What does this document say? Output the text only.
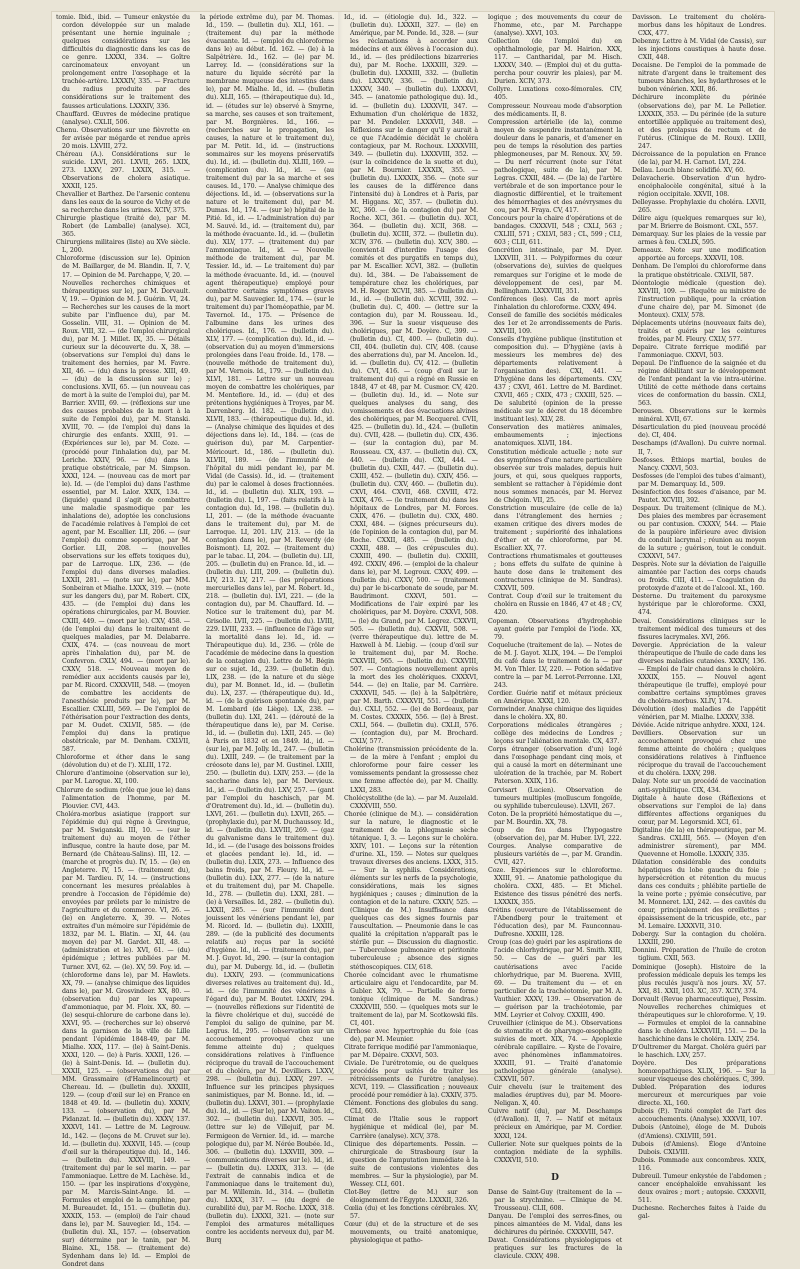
tomie. Ibid., ibid. — Tumeur enkystée du cordon développée sur un malade présentant une hernie inguinale ; quelques considérations sur les difficultés du diagnostic dans les cas de ce genre. LXXXI, 334. — Goître carcinomateux envoyant un prolongement entre l'œsophage et la trachée-artère. LXXXIV, 335. — Fracture du radius produite par des considérations sur le traitement des fausses articulations. LXXXIV, 336.

Chauffard. Œuvres de médecine pratique (analyse). CXLII, 506.

Chenu. Observations sur une fièvrette en fer avisée par mégarde et rendue après 20 mois. LXVIII, 272.

Chéreau (A.). Considérations sur le suicide. LXVI, 261. LXVII, 265. LXIX, 273. LXXV, 297. LXXIX, 315. — Observations de cholera asiatique. XXXII, 125.

Chevallier et Barthez. De l'arsenic contenu dans les eaux de la source de Vichy et de sa recherche dans les urines. XCIV, 375.

Chirurgie plastique (traité de), par M. Robert (de Lamballe) (analyse). XCI, 365.

Chirurgiens militaires (liste) au XVe siècle. L, 200.

Chloroforme (discussion sur le). Opinion de M. Baillarger, de M. Blandin. II, 7. V, 17. — Opinion de M. Parchappe, V, 20. — Nouvelles recherches chimiques et thérapeutiques sur le), par M. Dorvault. V, 19. — Opinion de M. J. Guérin. VI, 24. — Recherches sur les causes de la mort subite par l'influence du), par M. Gosselin. VIII, 31. — Opinion de M. Roux. VIII, 32. — (de l'emploi chirurgical du), par M. J. Millet. IX, 35. — Détails curieux sur la découverte du. X, 38. — (observations sur l'emploi du) dans le traitement des hernies, par M. Favre. XII, 46. — (du) dans la presse. XIII, 49. — (du) de la discussion sur le) ; conclusions. XVII, 65. — (un nouveau cas de mort à la suite de l'emploi du), par M. Barrier. XVIII, 69. — (réflexions sur une des causes probables de la mort à la suite de l'emploi du), par M. Stanski. XVIII, 70. — (de l'emploi du) dans la chirurgie des enfants. XXIII, 91. — (Expériences sur le), par M. Coze. — (procédé pour l'inhalation du), par M. Leriche. XXIV, 96. — (du) dans la pratique obstétricale, par M. Simpson. XXXI, 124. — (nouveau cas de mort par le). Id. — (de l'emploi du) dans l'asthme essentiel, par M. Lalor. XXIX, 134. — (liquide) quand il s'agit de combattre une maladie spasmodique par les inhalations de), adoptée les conclusions de l'académie relatives à l'emploi de cet agent, par M. Escallier. LII, 206. — (sur l'emploi) du comme soporique, par M. Gorlier. LII, 208. — (nouvelles observations sur les effets toxiques du), par de Larroque. LIX, 236. — (de l'emploi du) dans diverses maladies. LXXII, 281. — (note sur le), par MM. Sonbeiran et Mialhe. LXXX, 319. — (note sur les dangers du), par M. Robert. CIX, 435. — (de l'emploi du) dans les opérations chirurgicales, par M. Bouvier. CXIII, 449. — (mort par le). CXV, 458. — (de l'emploi du) dans le traitement de quelques maladies, par M. Delabarre. CXIX, 474. — (cas nouveau de mort après l'inhalation du), par M. de Confevron. CXLV, 494. — (mort par le). CXXV, 518. — Nouveau moyen de remédier aux accidents causés par le), par M. Ricord. CXXXVIII, 548. — (moyen de combattre les accidents de l'anesthésie produits par le), par M. Escallier. CXLIII, 569. — De l'emploi de l'éthérisation pour l'extraction des dents, par M. Oudet. CXLVII, 585. — (de l'emploi du) dans la pratique obstétricale, par M. Denham. CXLVII, 587.

Chloroforme et éther dans le sang (dévolution du) et de l'). XLIII, 172.

Chlorure d'antimoine (observation sur le), par M. Larogue. XI, 100.

Chlorure de sodium (rôle que joue le) dans l'alimentation de l'homme, par M. Plouvier. CVI, 443.

Choléra-morbus asiatique (rapport sur l'épidémie du) qui règne à Grevingue, par M. Swiganski. III, 10. — (sur le traitement du) au moyen de l'éther influsque, contre la haute dose, par M. Bernard (de Château-Salins). III, 12. — (marche et progrès du). IV, 15. — (le) en Angleterre. IV, 15. — (traitement du), par M. Tardieu. IV, 14. — (instructions concernant les mesures préalables à prendre à l'occasion de l'épidémie de) envoyées par prélets par le ministre de l'agriculture et du commerce. VI, 26. — (le) en Angleterre. X, 39. — Notes extraites d'un mémoire sur l'épidémie de 1832, par M. L. Blatin. — XI, 44. (au moyen de) par M. Gardet. XII, 48. — (administration et le). XVI, 61. — (du) épidémique ; lettres publiées par M. Turner. XVI, 62. — (le). XV, 59. Foy. id. — (chloroforme dans le), par M. Hawlets. XX, 79. — (analyse chimique des liquides dans le), par M. Grosvindeer. XX, 80. — (observation du) par les vapeurs d'ammoniaque, par M. Floix. XX, 80. — (le) sesqui-chlorure de carbone dans le). XXVI, 95. — (recherches sur le) observé dans la garnison de la ville de Lille pendant l'épidémie 1848-49, par M. Mialhe. XXX, 117. — (le) à Saint-Denis. XXXI, 120. — (le) à Paris. XXXII, 126. — (le) à Saint-Denis. Id. — (bulletin du). XXXII, 125. — (observations du) par MM. Grassmaire (d'Hamelincourt) et Chereau. Id. — (bulletin du). XXXIII, 129. — (coup d'œil sur le) en France en 1848 et 49. Id. — (bulletin du). XXXIV, 133. — (observation du), par M. Pidanzat. Id. — (bulletin du). XXXV, 137. XXXVI, 141. — Lettre de M. Legrouw. Id., 142. — (leçons de M. Cruvet sur le). Id. — (bulletin du). XXXVII, 145. — (coup d'œil sur la thérapeutique du). Id., 146. — (bulletin du). XXXVIII, 149. — (traitement du) par le sel marin. — par l'ammoniaque. Lettre de M. Lachèse. Id., 150. — (par les inspirations d'oxygène, par M. Marcis-Saint-Ange. Id. — Formules et emploi de la camphine, par M. Bureaudet. Id., 151. — (bulletin du). XXXIX, 153. — (emploi) de l'air chaud dans le), par M. Sauvegier. Id., 154. — (bulletin du). XL, 157. — (observation sur) détermine par le tanin, par M. Blaine. XL, 158. — (traitement de) Sydenham dans le) Id. — Emploi de Gondret dans

la période extrême du), par M. Thomas. Id., 159. — (bulletin du). XLI, 161. — (traitement du) par la méthode évacuante. Id. — (emploi du chloroforme dans le) au début. Id. 162. — (le) à la Salpêtrière. Id., 162. — (le) par M. Larrey. Id. — (considérations sur la nature du liquide sécrété par la membrane muqueuse des intestins dans le), par M. Mialhe. Id., id. — (bulletin du). XLII, 165. — (thérapeutique du). Id., id. — (études sur le) observé à Smyrne, sa marche, ses causes et son traitement, par M. Borgnières. Id., 166. — (recherches sur le propagation, les causes, la nature et le traitement du), par M. Petit. Id., id. — (instructions sommaires sur les moyens préservatifs du). Id., id. — (bulletin du). XLIII, 169. — (complication du). Id., id. — (au traitement du) par la sa marche et ses causes. Id., 170. — Analyse chimique des déjections. Id., id. — (observations sur la nature et le traitement du), par M. Dumas. Id., 174. — (sur le) hôpital de la Pitié. Id., id. — L'administration du) par M. Sauvé. Id., id. — (traitement du), par la méthode évacuante. Id., id. — (bulletin du). XLV, 177. — (traitement du) par l'ammoniaque. Id., id. — Nouvelle méthode de traitement du), par M. Tessier. Id., id. — Le traitement du) par la méthode évacuante. Id., id. — (nouvel agent thérapeutique) employé pour combattre certains symptômes graves du), par M. Sauvegier. Id., 174. — (sur le traitement du) par l'homéopathie, par M. Tavernol. Id., 175. — Présence de l'albumine dans les urines des cholériques. Id., 176. — (bulletin du). XLV, 177. — (complication du). Id., id. — (observation du) au moyen d'immersions prolongées dans l'eau froide. Id., 178. — (nouvelle méthode de traitement du), par M. Vernois. Id., 179. — (bulletin du). XLVI, 181. — Lettre sur un nouveau moyen de combattre les cholériques, par M. Mentefiore. Id., id. — (du) et des prétentions hygiéniques à Troyes, par M. Darrenberg. Id. 182. — (bulletin du). XLVII, 183. — (thérapeutique du). Id., id. — (Analyse chimique des liquides et des déjections dans le). Id., 184. — (cas de guérison du), par M. Carpentier-Méricourt. Id., 186. — (bulletin du). XLVIII, 189. — (de l'immunité de l'hôpital du midi pendant le), par M. Vidal (de Cassis). Id., id. — (traitement du) par le calomel à doses fractionnées. Id., id. — (bulletin du). XLIX, 193. — (bulletin du). L, 197. — (faits relatifs à la contagion du). Id., 198. — (bulletin du). LI, 201. — (de la méthode évacuante dans le traitement du), par M. de Larroque. LI, 201. LIV, 213. — (de la contagion dans le), par M. Reverdy (de Boismont). LI, 202. — (traitement du) par le tabac. LI, 204. — (bulletin du). LII, 205. — (bulletin du) en France. Id., id. — (bulletin du). LIII, 209. — (bulletin du). LIV, 213. LV, 217. — (les préparations mercurielles dans le), par M. Robert. Id., 218. — (bulletin du). LVI, 221. — (de la contagion du), par M. Chauffard. Id. — Notice sur le traitement du), par M. Grisolle. LVII, 225. — (bulletin du). LVIII, 229. LVIII, 233. — (influence de l'âge sur la mortalité dans le). Id., id. — Thérapeutique du). Id., 236. — (rôle de l'académie de médecine dans la question de la contagion du). Lettre de M. Bégin sur ce sujet. Id., 239. — (bulletin du). LIX, 238. — (de la nature et du siège du), par M. Bonnet. Id., id. — (bulletin du). LX, 237. — (thérapeutique du). Id., id. — (de la guérison spontanée du), par M. Lombard (de Liège). LX, 238. — (bulletin du). LXI, 241. — (dérouté de la thérapeutique dans le), par M. Cerise. Id., id. — (bulletin du). LXII, 245. — (le) à Paris en 1832 et en 1849. Id., id. — (sur le), par M. Jolly. Id., 247. — (bulletin du). LXIII, 249. — (le traitement par la créosote dans le), par M. Gustinel. LXIII, 250. — (bulletin du). LXIV, 253. — (de la saccharine dans le), par M. Dervieux. Id., id. — (bulletin du). LXV, 257. — (gant par l'emploi du haschisch, par M. d'Oratrement du). Id., id. — (bulletin du). LXVI, 261. — (bulletin du). LXVII, 265. — (prophylaxie du), par M. Duchaussoy. Id., id. — (bulletin du). LXVIII, 269. — (gaz du galvanisme dans le traitement du). Id., id. — (de l'usage des boissons froides et glacées pendant le). Id., id. — (bulletin du). LXIX, 273. — Influence des bains froids, par M. Fleury. Id., id. — (bulletin du). LXX, 277. — (de la nature et du traitement du), par M. Chapelle. Id., 278. — (bulletin du). LXXI, 281. — (le) à Versailles. Id., 282. — (bulletin du). LXXII, 285. — (sur l'immunité dont jouissent les vénériens pendant le), par M. Ricord. Id. — (bulletin du). LXXIII, 289. — (de la publicité des documents relatifs au) reçus par la société d'hygiène. Id., id. — (traitement du), par M. J. Guyot. Id., 290. — (sur la contagion du), par M. Dubergy. Id., id. — (bulletin du). LXXIV, 293. — (communications diverses relatives au traitement du). Id., id. — (de l'immunité des vénériens à l'égard du), par M. Boutet. LXXIV, 294. — (nouvelles réflexions sur l'identité de la fièvre cholérique et du), succédé de l'emploi du saligo de quinine, par M. Legrus. Id., 295. — (observation sur un accouchement provoqué chez une femme atteinte du) ; quelques considérations relatives à l'influence réciproque du travail de l'accouchement et du choléra, par M. Devilliers. LXXV, 298. — (bulletin du). LXXV, 297. — Influence sur les principes physiques sanimistiques, par M. Bonne. Id., id. — (bulletin du). LXXVI, 301. — (prophylaxie du). Id., id. — (Sur le), par M. Vaiton. Id., 302. — (bulletin du). LXXVII, 305. — (lettre sur le) de Villejuif, par M. Fermigeon de Vernier. Id., id. — marche pologique du), par M. Nérée Boubée. Id., 306. — (bulletin du). LXXVIII, 309. — (communications diverses sur le). Id., id. — (bulletin du). LXXIX, 313. — (de l'extrait de cannabis indica et de l'ammoniaque dans le traitement du), par M. Willemin. Id., 314. — (bulletin du). LXXX, 317. — (du degré de curabilité du), par M. Roche. LXXX, 318. (bulletin du). LXXXI, 321. — (note sur l'emploi des armatures métalliques contre les accidents nerveux du), par M. Burq

Id., id. — (étiologie du). Id., 322. — (bulletin du). LXXXII, 327. — (le) en Amérique, par M. Ponde. Id., 328. — (sur les réclamations à accorder aux médecins et aux élèves à l'occasion du). Id., id. — (les prédilections bizarreries du), par M. Roche. LXXXIII, 329. — (bulletin du). LXXXIII, 332. — (bulletin du). LXXXIV, 336. — (bulletin du). LXXXV, 340. — (bulletin du). LXXXVI, 345. — (anatomie pathologique du). Id., id. — (bulletin du). LXXXVII, 347. — Exhumation d'un cholérique de 1832, par M. Pendeler. LXXXVII, 348. — Réflexions sur le danger qu'il y aurait à ce que l'Académie décidât le choléra contagieux, par M. Rochoux. LXXXVIII, 349. — (bulletin du). LXXXVIII, 352. — (sur la coïncidence de la suette et du), par M. Bournier. LXXXIX, 355. — (bulletin du). LXXXIX, 356. — (note sur les causes de la différence dans l'intensité du) à Londres et à Paris, par M. Higgans. XC, 357. — (bulletin du). XC, 360. — (de la contagion du) par M. Roche. XCI, 361. — (bulletin du). XCI, 364. — (bulletin du). XCII, 368. — (bulletin du). XCIII, 372. — (bulletin du). XCIV, 376. — (bulletin du). XCV, 380. — (convient-il d'interdire l'usage des comités et des purgatifs en temps du), par M. Escallier. XCVI, 382. — (bulletin du). Id., 384. — De l'abaissement de température chez les cholériques, par M. H. Roger. XCVII, 385. — (bulletin du). Id., id. — (bulletin du). XCVIII, 392. — (bulletin du). C, 400. — (lettre sur la contagion du), par M. Rousseau. Id., 396. — Sur la sueur visqueuse des cholériques, par M. Doyère. C, 399. — (bulletin du). CI, 400. — (bulletin du). CII, 404. (bulletin du). CIV, 408. (cause des aberrations du), par M. Ancelon. Id., id. — (bulletin du). CV, 412. — (bulletin du). CVI, 416. — (coup d'œil sur le traitement du) qui a régné en Russie en 1848, 47 et 48, par M. Cusmor. CV, 420. — (bulletin du). Id., id. — Note sur quelques analyses du sang, des vomissements et des évacuations alvines des cholériques, par M. Becquerel. CVII, 425. — (bulletin du). Id., 424. — (bulletin du). CVII, 428. — (bulletin du). CIX, 436. — (sur la contagion du), par M. Rousseau. CX, 437. — (bulletin du). CX, 440. — (bulletin du). CXI, 444. — (bulletin du). CXII, 447. — (bulletin du). CXIII, 452. — (bulletin du). CXIV, 456. — (bulletin du). CXV, 460. — (bulletin du). CXVI, 464. CXVII, 468. CXVIII, 472. CXIX, 476. — (le traitement du) dans les hôpitaux de Londres, par M. Forces. CXIX, 476. — (bulletin du). CXX, 480. CXXI, 484. — (signes précurseurs du). (de l'opinion de la contagion du), par M. Roche. CXXII, 485. — (bulletin du). CXXII, 488. — (les crépuscules du). CXXIII, 490. — (bulletin du). CXXIII, 492. CXXIV, 496. — (emploi de la chaleur dans le), par M. Legroux. CXXV, 499. — (bulletin du). CXXV, 500. — (traitement du) par le bi-carbonate de soude, par M. Baudrimont. CXXVI, 501. — Modifications de l'air expiré par les cholériques, par M. Doyère. CXXVI, 508. — (le) du Grand, par M. Legrez. CXXVII, 505. — (bulletin du). CXXVII, 508. — (verre thérapeutique du). lettre de M. Haxwell à M. Liebig. — (coup d'œil sur le traitement du), par M. Roche. CXXVIII, 565. — (bulletin du). CXXVIII, 507. — Contagions nouvellement après la mort des les cholériques. CXXXVI, 544. — (le) en Italie, par M. Carrière. CXXXVII, 545. — (le) à la Salpêtrière, par M. Barth. CXXXVII, 551. — (bulletin du). CXLI, 552. — (le) de Bordeaux, par M. Costes. CXXXIX, 556. — (le) à Brest. CXLI, 564. — (bulletin du). CXLII, 576. — (contagion du), par M. Brochard. CXLV, 577.

Cholérine (transmission précédente de la. — de la mère à l'enfant ; emploi du chloroforme pour faire cesser les vomissements pendant la grossesse chez une femme affectée de), par M. Chailly. LXXI, 283.

Cholécystolithe (de la). — par M. Auzelald. CXXXVIII, 550.

Chorée (clinique de M.). — considération sur la nature, le diagnostic et le traitement de la phlegmasie sèche tétanique. I, 3. — Leçons sur le choléra. XXIV, 101. — Leçons sur la rétention d'urine. XL, 159. — Notes sur quelques travaux diverses des anciens. LXXX, 315. — Sur la syphilis. Considérations, éléments sur les nerfs de la psychologie, considérations, mais les signes hygiéniques ; causes ; diminution de la contagion et de la nature. CXXIV, 525. — (Clinique de M.) Insuffisance dans quelques cas des signes fournis par l'auscultation. — Pneumonie dans le cas qualité la crépitation n'apparaît pas le stérile pur. — Discussion du diagnostic. — Tuberculose pulmonaire et péritonite tuberculeuse ; absence des signes stéthoscopiques. CLV, 618.

Chorée coïncidant avec le rhumatisme articulaire aigu et l'endocardite, par M. Gubler. XX, 79. — Partielle de forme tonique (climique de M. Sandras.) CXXXVIII, 550. — (quelques mots sur le traitement de la), par M. Scotkowski fils. CI, 401.

Cirrhose avec hypertrophie du foie (cas de), par M. Meunier.

Citrate ferrique modifié par l'ammoniaque, par M. Dépaire. CXXVI, 503.

Civiale. De l'urétrotomie, ou de quelques procédés pour usités de traiter les rétrécissements de l'urètre (analyse). XCVI, 119. — Classification ; nouveaux procédé pour remédier à la). CXXIV, 375.

Clément. Fonctions des globules du sang. CLI, 603.

Climat de l'Italie sous le rapport hygiénique et médical (le), par M. Carrière (analyse). XCV, 378.

Clinique des départements. Pessin. — chirurgicale de Strasbourg (sur la question de l'amputation immédiate à la suite de contusions violentes des membres. — Sur la physiologie), par M. Wessey. CLI, 601.

Clot-Bey (lettre de M.) sur son éloignement de l'Égypte. LXXXII, 326.

Cœlia (du) et les fonctions cérébrales. XV, 57.

Cœur (du) et de la structure et de ses mouvements, ou traité anatomique, physiologique et patho-

logique ; des mouvements du cœur de l'homme, etc., par M. Parchappe (analyse). XXVI, 103.

Collection (de l'emploi du) en ophthalmologie, par M. Hairion. XXX, 117. — Cantharidal, par M. Hisch. LXXXV, 340. — (Emploi du) et du gutta-percha pour couvrir les plaies), par M. Durien. XCIV, 373.

Collyre. Luxations coxo-fémorales. CIV, 405.

Compresseur. Nouveau mode d'absorption des médicaments. II, 8.

Compression artérielle (de la), comme moyen de suspendre instantanément la douleur dans le panaris, et d'amener en peu de temps la résolution des parties phlegmoneuses, par M. Renoux. XV, 59. — Du nerf récurrent (note sur l'état pathologique, suite de la), par M. Legras. CXXII, 484. — (De la) de l'artère vertébrale et de son importance pour le diagnostic différentiel, et le traitement des hémorrhagies et des anévrysmes du cou, par M. Fraya. CV, 417.

Concours pour la chaire d'opérations et de bandages. CXXXVII, 548 ; CXLI, 563 ; CXLIII, 571 ; CXLVI, 583 ; CL, 599 ; CLI, 603 ; CLII, 611.

Concrétion intestinale, par M. Dyer. LXXVIII, 311. — Polypiformes du cœur (observations de), suivies de quelques remarques sur l'origine et le mode de développement de ces), par M. Bellingham. LXXXVIII, 351.

Conférences (les). Cas de mort après l'inhalation du chloroforme. CXXV, 494.

Conseil de famille des sociétés médicales des 1er et 2e arrondissements de Paris. XXVIII, 109.

Conseils d'hygiène publique (institution et composition du). — D'hygiène (avis à messieurs les membres de) des départements relativement à l'organisation des). CXI, 441. — D'hygiène dans les départements. CXV, 437 ; CXVI, 461. Lettre de M. Bardinet. CXVII, 465 ; CXIX, 473 ; CXXIII, 525. — De salubrité (opinion de la presse médicale sur le décret du 18 décembre instituant les). XLV, 28.

Conservation des matières animales, embaumements ; injections anatomiques. XLVII, 184.

Constitution médicale actuelle ; note sur des symptômes d'une nature particulière observée sur trois malades, depuis huit jours, et qui, sous quelques rapports, semblent se rattacher à l'épidémie dont nous sommes menacés, par M. Hervez de Chégoin. VII, 25.

Constriction musculaire (de celle de la) dans l'étranglement des hernies ; examen critique des divers modes de traitement ; supériorité des inhalations d'éther et de chloroforme, par M. Escallier. XX, 77.

Contractions rhumatismales et goutteuses ; bons effets du sulfate de quinine à haute dose dans le traitement des contractures (clinique de M. Sandras). CXXVII, 509.

Contrat. Coup d'œil sur le traitement du choléra en Russie en 1846, 47 et 48 ; CV, 420.

Copeman. Observations d'hydrophobie ayant guérie par l'emploi de l'iode. XX, 79.

Coqueluche (traitement de la). — Notes de de M. J. Gayot. XLIX, 194. — De l'emploi du café dans le traitement de la — par M. Von Thler. LV, 220. — Potion sédative contre la — par M. Lerrot-Perronne. LXI, 243.

Cordier. Guérie natif et métaux précieux en Amérique. XXXI, 120.

Cornwinder. Analyse chimique des liquides dans le choléra. XX, 80.

Corporations médicales étrangères ; collège des médecins de Londres ; leçons sur l'aliénation mentale. CX, 437.

Corps étranger (observation d'un) logé dans l'œsophage pendant cinq mois, et qui a causé la mort en déterminant une ulcération de la trachée, par M. Robert Paterson. XXIX, 116.

Corvisart (Lucien). Observation de tumeurs multiples (molluscum fongoïde, ou syphilide tuberculeuse). LXVII, 267.

Coton. De la propriété hémostatique du —, par M. Bourdin. XX, 78.

Coup de feu dans l'hypogastre (observation de), par M. Huber. LVI, 222.

Courges. Analyse comparative de plusieurs variétés de —, par M. Grandin. CVII, 427.

Coze. Expériences sur le chloroforme. XXIII, 91. — Anatomie pathologique du choléra. CXXI, 485. — Et Michel. Existence des tissus pénétré des nerfs. LXXXIX, 355.

Crétins (ouverture de l'établissement de l'Abendberg pour le traitement et l'éducation des), par M. Faunconnau-Dufresne. XXXIII, 128.

Croup (cas de) guéri par les aspirations de l'acide chlorhydrique, par M. Smith. XIII, 50. — Cas de — guéri par les cautérisations avec l'acide chlorhydrique, par M. Buerena. XVIII, 69. — Du traitement du — et en particulier de la trachéotomie, par M. A. Vauthier. XXXV, 139. — Observation de — guérison par la trachéotomie, par MM. Leyrier et Colvoy. CXXIII, 490.

Cruveilhier (clinique de M.). Observations de stomatite et de pharyngo-œsophagite suivies de mort. XIX, 74. — Apoplexie cérébrale capillaire. — Kyste de l'ovaire, avec phénomènes inflammatoires. XXXIII, 91. — Traité d'anatomie pathologique générale (analyse). CXXVII, 507.

Cuir chevelu (sur le traitement des maladies éruptives du), par M. Moore-Neligan. X, 40.

Cuivre natif (du), par M. Deschamps (d'Avallon). II, 7. — Natif et métaux précieux en Amérique, par M. Cordier. XXXI, 124.

Cullerier. Note sur quelques points de la contagion médiate de la syphilis. CXXXVII, 510.

D

Danse de Saint-Guy (traitement de la — par la strychnine. — Clinique de M. Trousseau). CLII, 608.

Danyau. De l'emploi des serres-fines, ou pinces aimantées de M. Vidal, dans les déchirures du périnée. CXXXVIII, 547.

Davat. Considérations physiologiques et pratiques sur les fractures de la clavicule. CXXV, 498.

Davisson. Le traitement du choléra-morbus dans les hôpitaux de Londres. CXX, 477.

Debenny. Lettre à M. Vidal (de Cassis), sur les injections caustiques à haute dose. CXII, 448.

Decaisne. De l'emploi de la pommade de nitrate d'argent dans le traitement des tumeurs blanches, les hydarthroses et le bubon vénérien. XXII, 86.

Déchirure incomplète du périnée (observations de), par M. Le Pelletier. LXXXIX, 353. — Du périnée (de la suture entortillée appliquée au traitement des), et des prolapsus de rectum et de l'utérus. (Clinique de M. Roux). LXIII, 247.

Décroissance de la population en France (de la), par M. H. Carnot. LVI, 224.

Dellau. Louch blanc solidifié. XV, 60.

Delavacherie. Observation d'un hydro-encéphalocèle congénital, situé à la région occipitale. XXVII, 108.

Delleyasse. Prophylaxie du choléra. LXVII, 265.

Délire aigu (quelques remarques sur le), par M. Brierre de Boismont. CXL, 557.

Demarquay. Sur les plaies de la vessie par armes à feu. CXLIX, 595.

Demeaux. Note sur une modification apportée au forceps. XXXVII, 108.

Denham. De l'emploi du chloroforme dans la pratique obstétricale. CXLVII, 587.

Déontologie médicale (question de). XXVIII, 109. — (Requête au ministre de l'instruction publique, pour la création d'une chaire de), par M. Simonet (de Monteux). CXLV, 578.

Déplacements utérins (nouveaux faits de), traités et guéris par les ceintures froides, par M. Fleury. CXLV, 577.

Depaire. Citrate ferrique modifié par l'ammoniaque. CXXVI, 503.

Depaul. De l'influence de la saignée et du régime débilitant sur le développement de l'enfant pendant la vie intra-utérine. Utilité de cette méthode dans certains vices de conformation du bassin. CXLI, 563.

Derousen. Observations sur le kermès minéral. XVII, 67.

Désarticulation du pied (nouveau procédé de). CI, 404.

Deschamps (d'Avallon). Du cuivre normal. II, 7.

Desfosses. Éthiops martial, boules de Nancy. CXXVI, 503.

Desfosses (de l'emploi des tubes d'aimant), par M. Demarquay. Id., 509.

Desinfection des fosses d'aisance, par M. Pautet. XCVIII, 392.

Despaux. Du traitement (clinique de M.). Des plaies des membres par écrasement ou par contusion. CXXXV, 544. — Plaie de la paupière inférieure avec division du conduit lacrymal ; réunion au moyen de la suture ; guérison, tout le conduit. CXXXVI, 547.

Desprès. Note sur la déviation de l'aiguille aimantée par l'action des corps chauds ou froids. CIII, 411. — Coagulation du protoxyde d'azote et de l'alcool. XL, 160.

Desterne. Du traitement du paroxysme hystérique par le chloroforme. CXXI, 474.

Devai. Considérations cliniques sur le traitement médical des tumeurs et des fissures lacrymales. XVI, 266.

Devergie. Appréciation de la valeur thérapeutique de l'huile de cade dans les diverses maladies cutanées. XXXIV, 136. — Emploi de l'air chaud dans le choléra. XXXIX, 155. — Nouvel agent thérapeutique (le truffe), employé pour combattre certains symptômes graves du choléra-morbus. XLIV, 174.

Dévolution (des) maladies de l'appétit vénérien, par M. Mialhe. LXXXV, 338.

Déviée. Acide nitrique anhydre. XXXI, 124.

Devilliers. Observation sur un accouchement provoqué chez une femme atteinte de choléra ; quelques considérations relatives à l'influence réciproque du travail de l'accouchement et du choléra. LXXV, 298.

Dalay. Note sur un procédé de vaccination anti-syphilitique. CIX, 434.

Digitale à haute dose (Réflexions et observations sur l'emploi de la) dans différentes affections organiques du cœur, par M. Legorsmid. XCI, 61.

Digitaline (de la) en thérapeutique, par M. Sandras. CXLIII, 565. — (Moyen d'en administrer sûrement), par MM. Quevenne et Homolle. LXXXIV, 335.

Dilatation considérable des conduits hépatiques du lobe gauche du foie ; hypersécrétion et rétention du mucus dans ces conduits ; phlébite partielle de la veine porte ; pyémie consécutive, par M. Monneret. LXI, 242. — des cavités du cœur, principalement des oreillettes ; épaississement de la tricuspide, etc., par M. Lemaire. LXXXVII, 310.

Dobergy. Sur la contagion du choléra. LXXIII, 290.

Donnini. Préparation de l'huile de croton tiglium. CXII, 563.

Dominique (Joseph). Histoire de la profession médicale depuis les temps les plus reculés jusqu'à nos jours. XV, 57. XXI, 81. XXII, 103. XC, 357. XCIV, 374.

Dorvault (Revue pharmaceutique), Pessim. Nouvelles recherches chimiques et thérapeutiques sur le chloroforme. V, 19. — Formules et emploi de la cannabine dans le choléra. LXXXVIII, 151. — De la haschichine dans le choléra. LXIV, 254.

D'Oultremer du Margat. Choléra guéri par le haschich. LXV, 257.

Doyère. Des préparations homœopathiques. XLIX, 196. — Sur la sueur visqueuse des cholériques. C, 399.

Dubled. Préparation des iodures mercureux et mercuriques par voie directe. XL, 160.

Dubois (P.). Traité complet de l'art des accouchements. (Analyse). XXXVII, 107.

Dubois (Antoine), éloge de M. Dubois (d'Amiens). CXLVIII, 591.

Dubois (d'Amiens). Éloge d'Antoine Dubois. CXLVIII.

Dubois. Pommade aux concombres. XXIX, 116.

Dubreuil. Tumeur enkystée de l'abdomen ; cancer encéphaloïde envahissant les deux ovaires ; mort ; autopsie. CXXXVII, 511.

Duchesne. Recherches faites à l'aide du gal-
